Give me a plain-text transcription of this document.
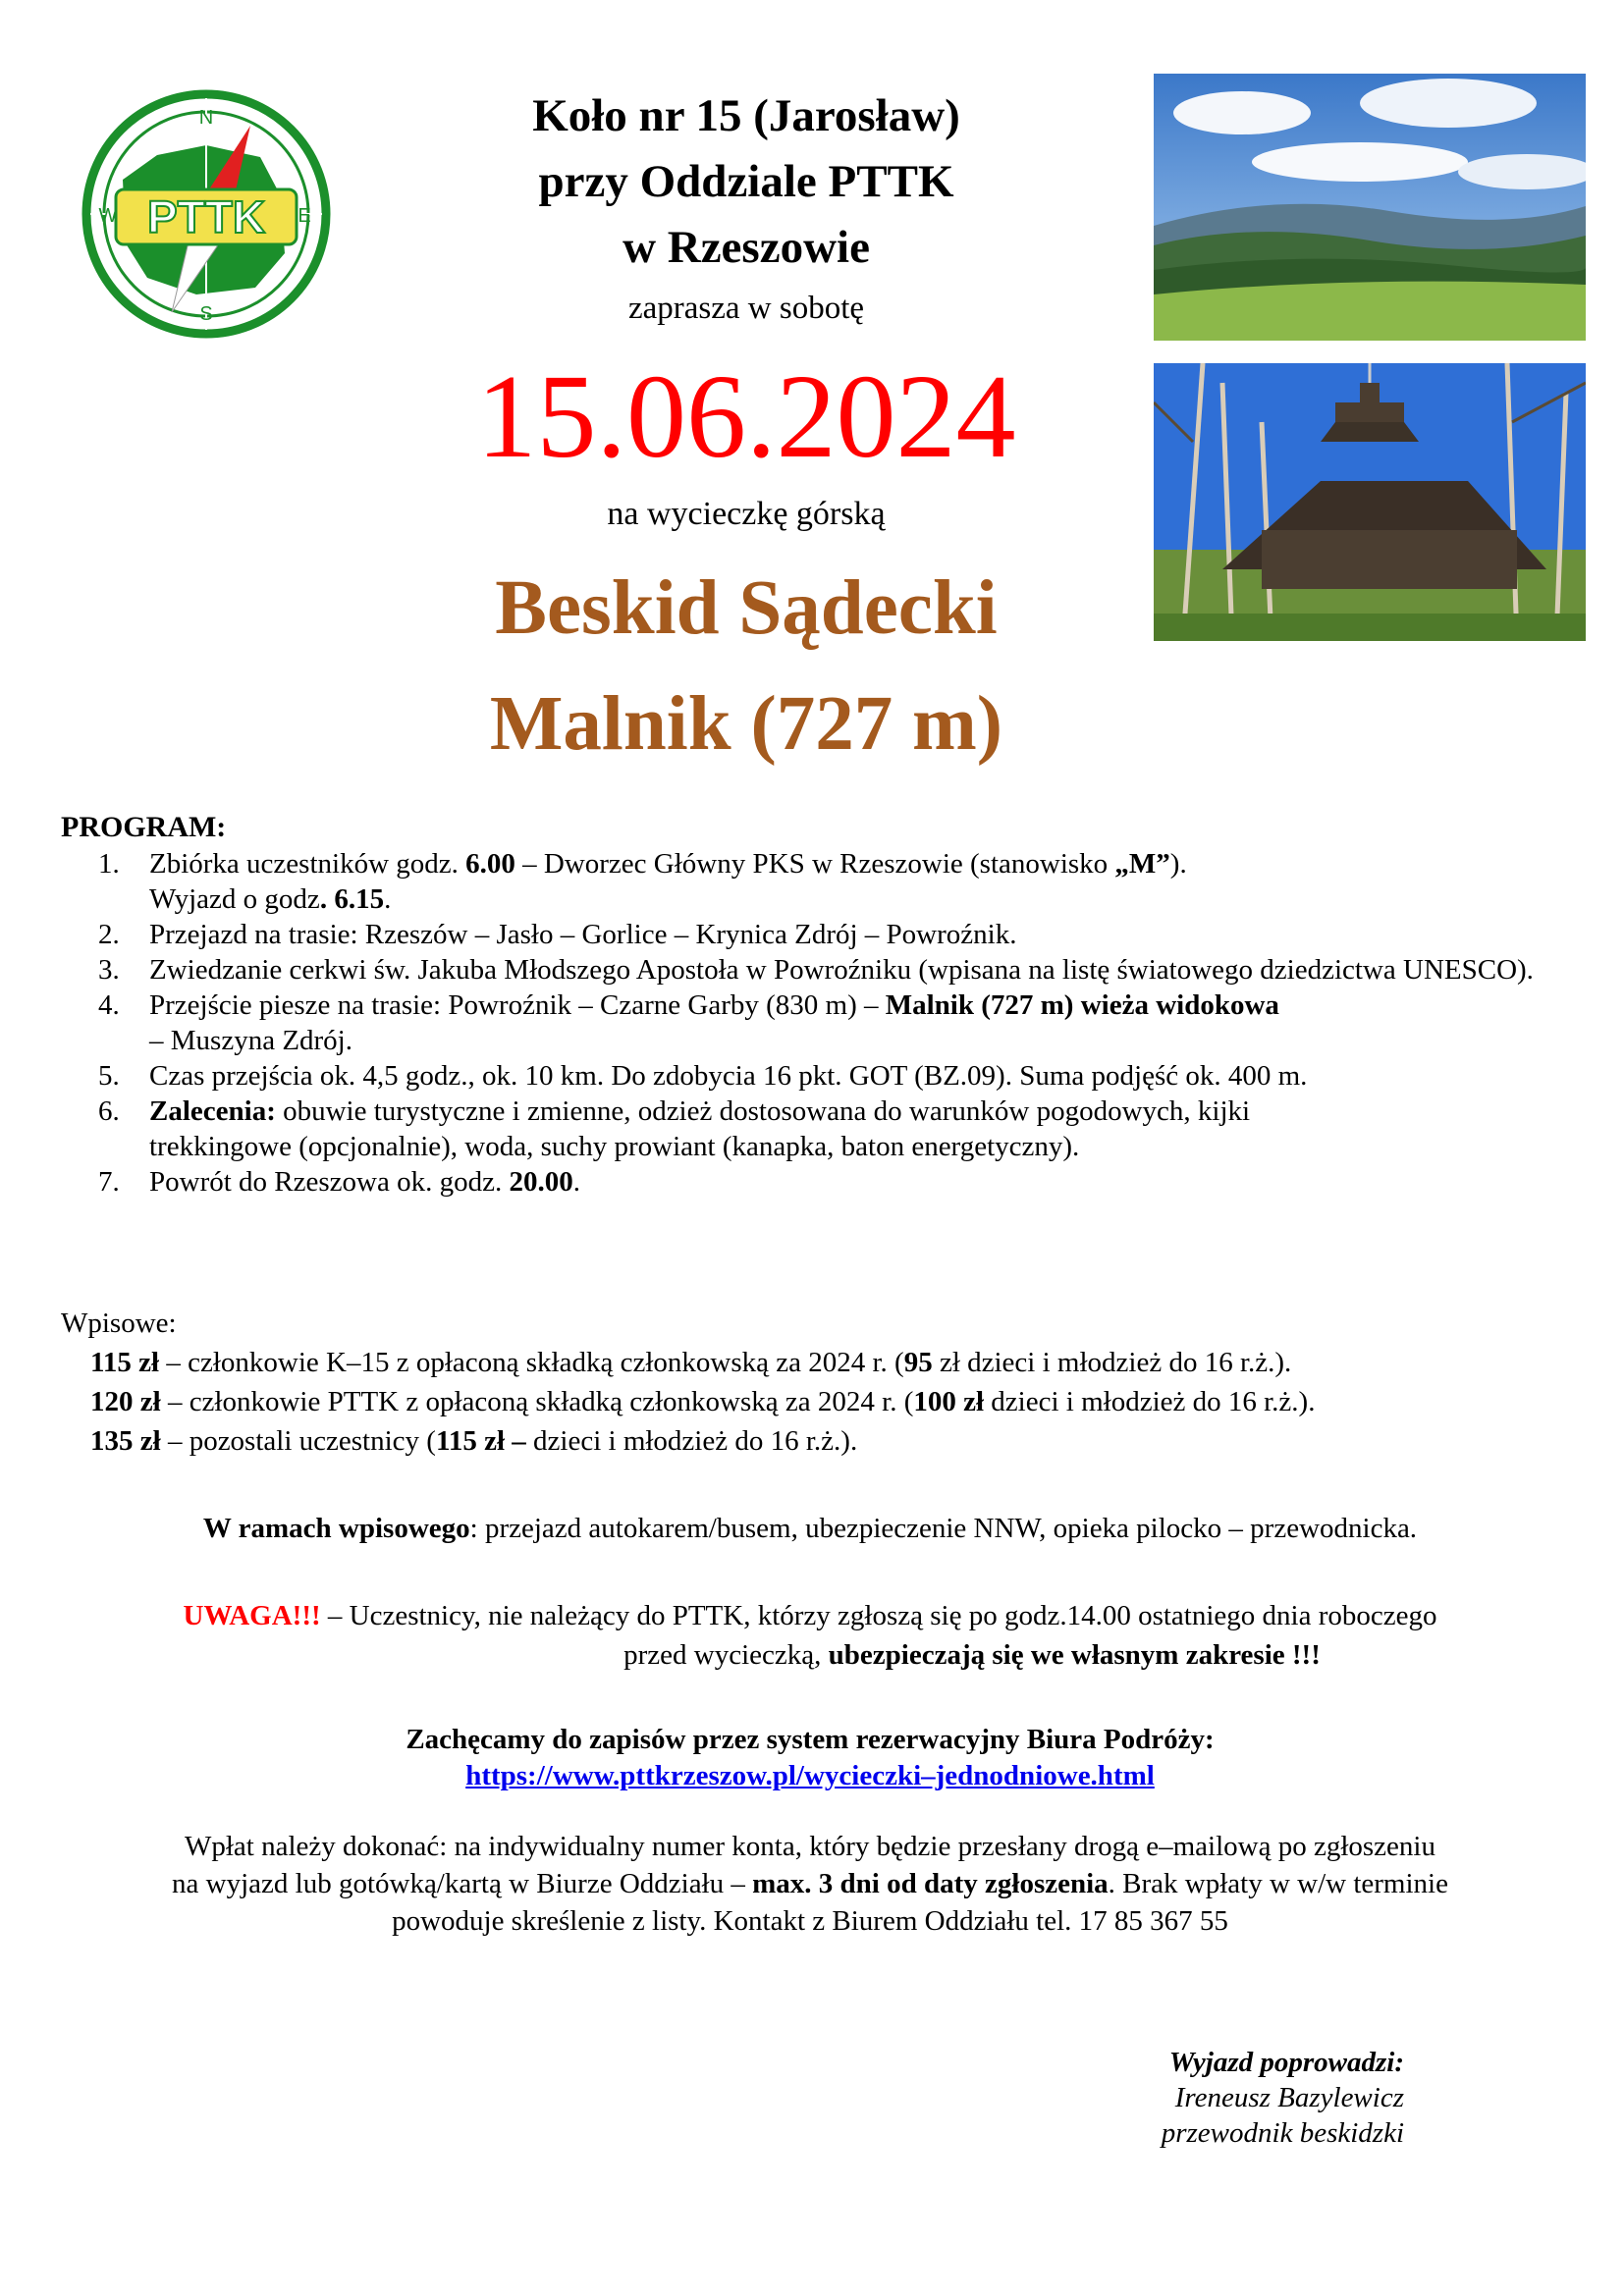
PTTK
N
E
S
W
Koło nr 15 (Jarosław)
przy Oddziale PTTK
w Rzeszowie
zaprasza w sobotę
15.06.2024
na wycieczkę górską
Beskid Sądecki
Malnik (727 m)
PROGRAM:
1. Zbiórka uczestników godz. 6.00 – Dworzec Główny PKS w Rzeszowie (stanowisko „M”).
Wyjazd o godz. 6.15.
2. Przejazd na trasie: Rzeszów – Jasło – Gorlice – Krynica Zdrój – Powroźnik.
3. Zwiedzanie cerkwi św. Jakuba Młodszego Apostoła w Powroźniku (wpisana na listę światowego dziedzictwa UNESCO).
4. Przejście piesze na trasie: Powroźnik – Czarne Garby (830 m) – Malnik (727 m) wieża widokowa
– Muszyna Zdrój.
5. Czas przejścia ok. 4,5 godz., ok. 10 km. Do zdobycia 16 pkt. GOT (BZ.09). Suma podjęść ok. 400 m.
6. Zalecenia: obuwie turystyczne i zmienne, odzież dostosowana do warunków pogodowych, kijki
trekkingowe (opcjonalnie), woda, suchy prowiant (kanapka, baton energetyczny).
7. Powrót do Rzeszowa ok. godz. 20.00.
Wpisowe:
115 zł – członkowie K–15 z opłaconą składką członkowską za 2024 r. (95 zł dzieci i młodzież do 16 r.ż.).
120 zł – członkowie PTTK z opłaconą składką członkowską za 2024 r. (100 zł dzieci i młodzież do 16 r.ż.).
135 zł – pozostali uczestnicy (115 zł – dzieci i młodzież do 16 r.ż.).
W ramach wpisowego: przejazd autokarem/busem, ubezpieczenie NNW, opieka pilocko – przewodnicka.
UWAGA!!! – Uczestnicy, nie należący do PTTK, którzy zgłoszą się po godz.14.00 ostatniego dnia roboczego
przed wycieczką, ubezpieczają się we własnym zakresie !!!
Zachęcamy do zapisów przez system rezerwacyjny Biura Podróży:
https://www.pttkrzeszow.pl/wycieczki–jednodniowe.html
Wpłat należy dokonać: na indywidualny numer konta, który będzie przesłany drogą e–mailową po zgłoszeniu
na wyjazd lub gotówką/kartą w Biurze Oddziału – max. 3 dni od daty zgłoszenia. Brak wpłaty w w/w terminie
powoduje skreślenie z listy. Kontakt z Biurem Oddziału tel. 17 85 367 55
Wyjazd poprowadzi:
Ireneusz Bazylewicz
przewodnik beskidzki
